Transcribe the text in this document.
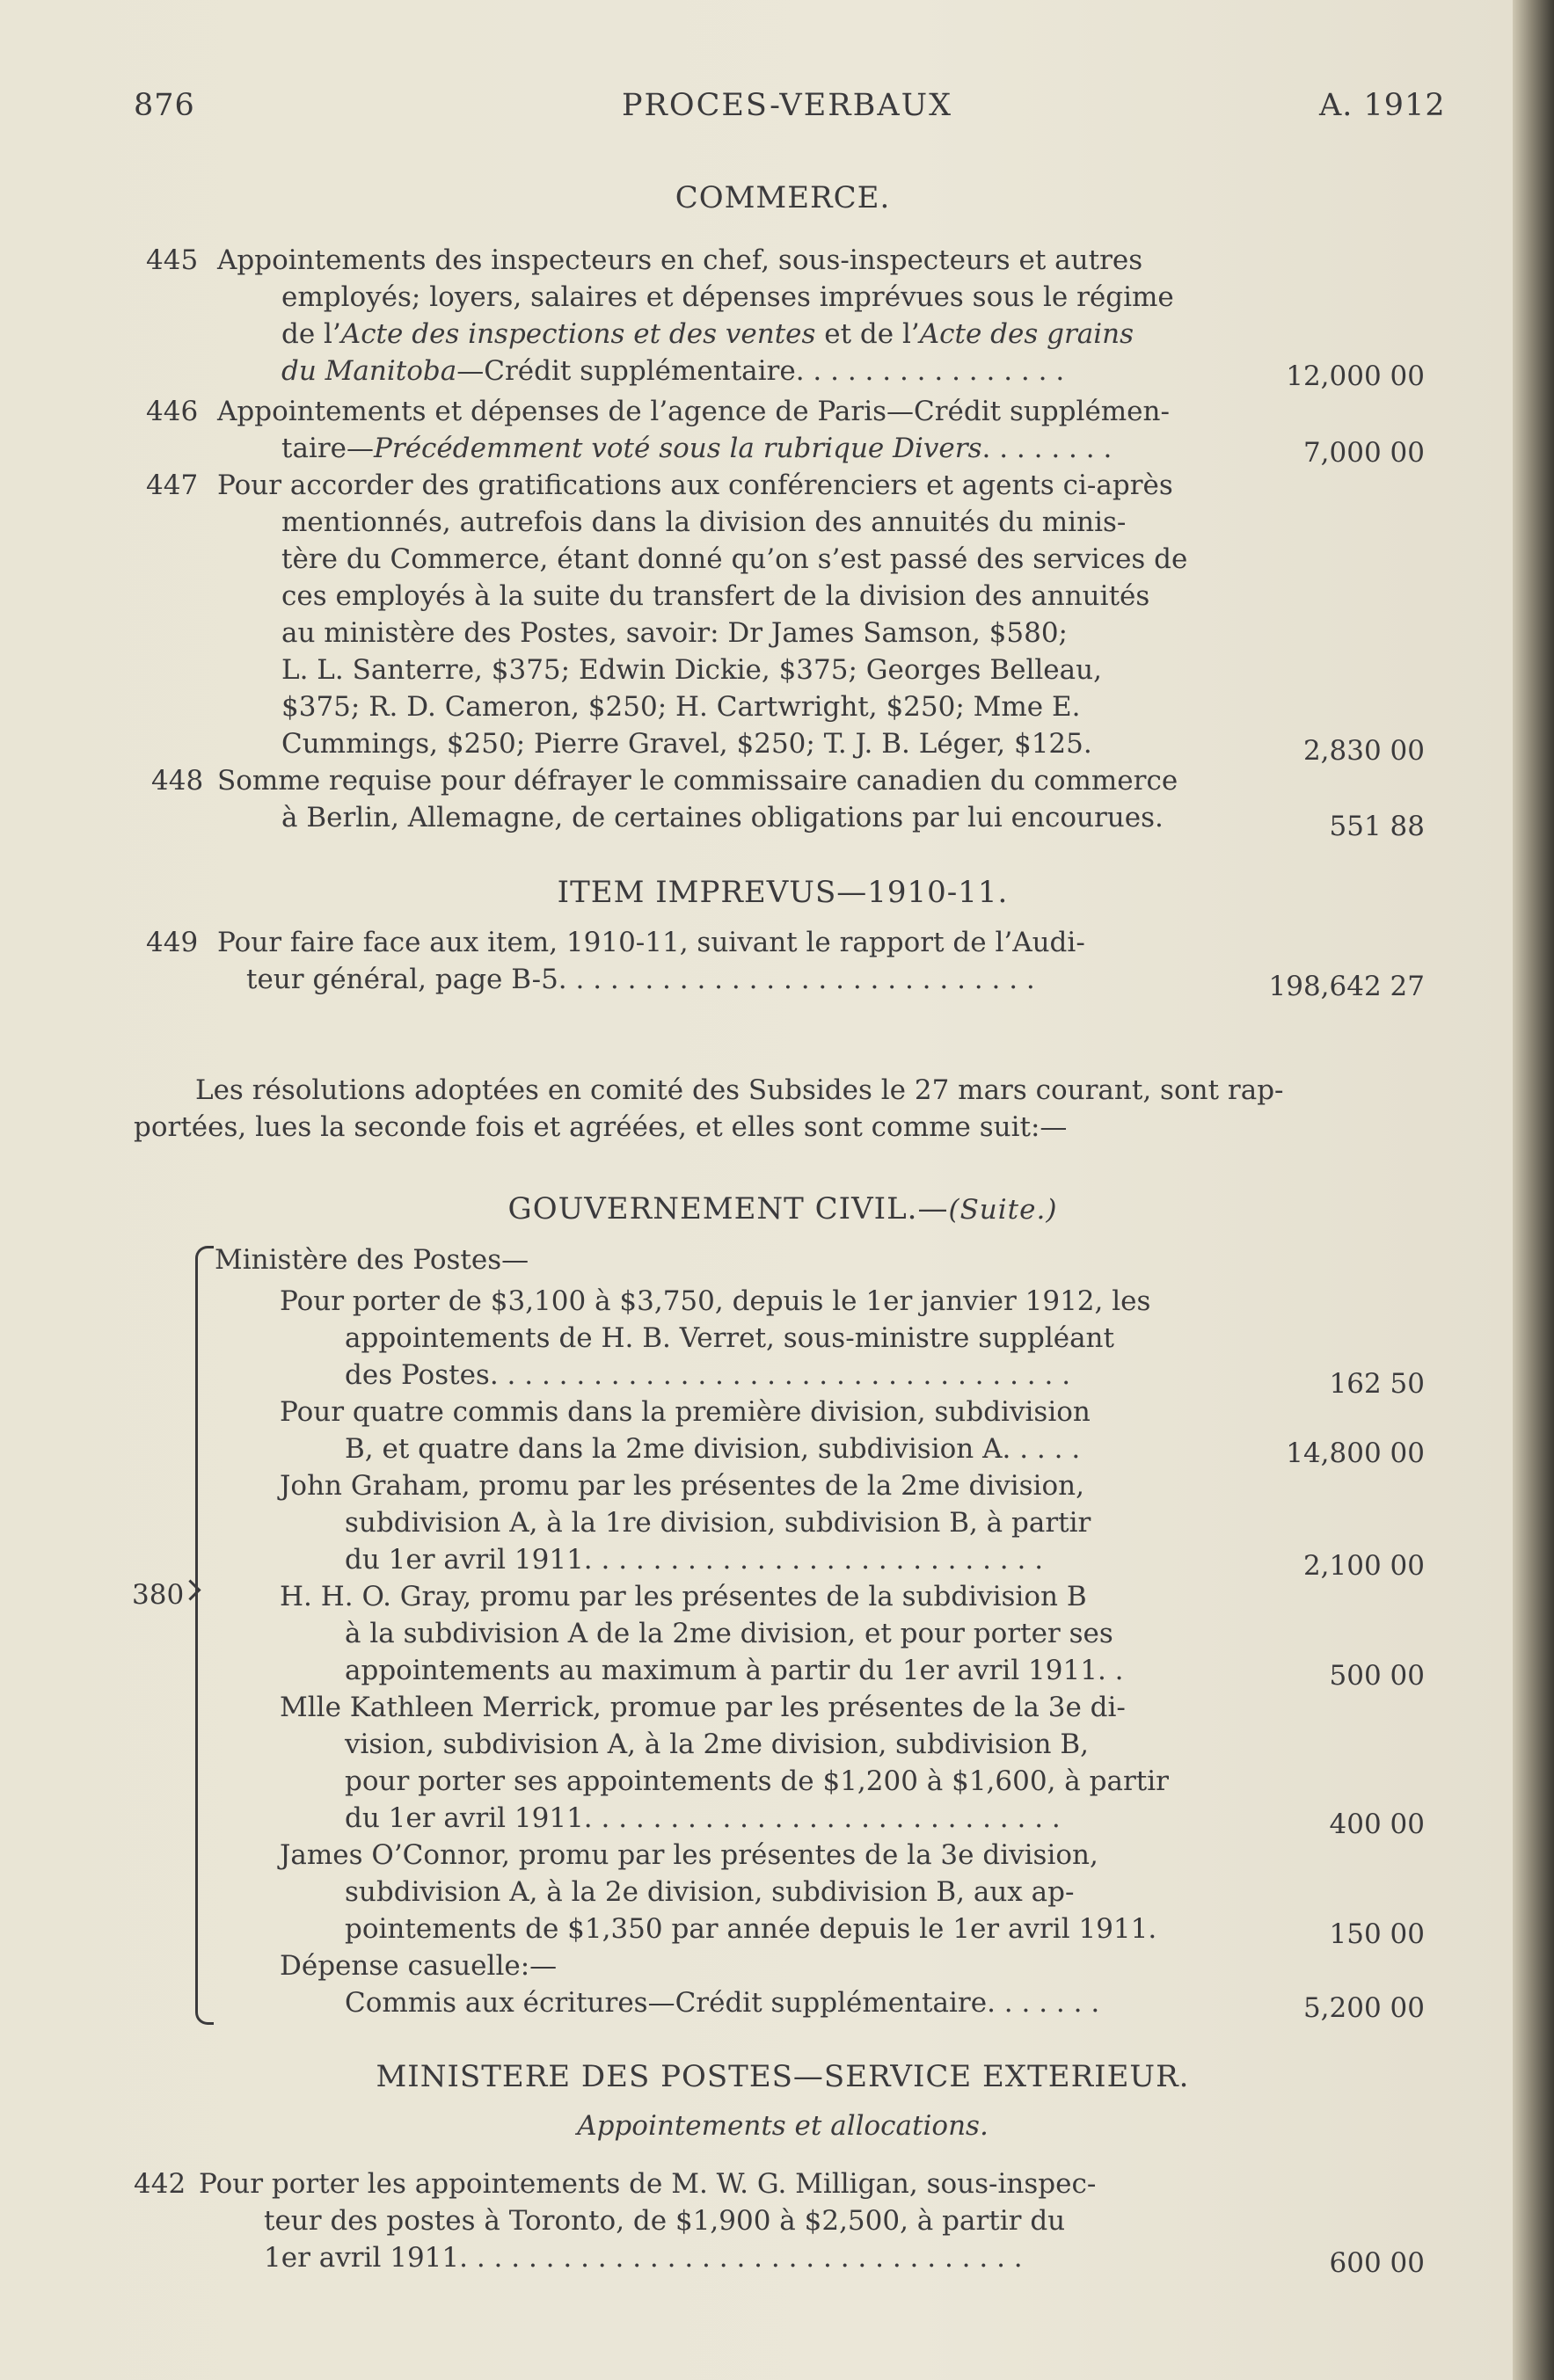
876	PROCES-VERBAUX	A. 1912
COMMERCE.
445 Appointements des inspecteurs en chef, sous-inspecteurs et autres
employés; loyers, salaires et dépenses imprévues sous le régime
de l’Acte des inspections et des ventes et de l’Acte des grains
du Manitoba—Crédit supplémentaire. . . . . . . . . . . . . . . .	12,000 00
446 Appointements et dépenses de l’agence de Paris—Crédit supplémen-
taire—Précédemment voté sous la rubrique Divers. . . . . . . .	7,000 00
447 Pour accorder des gratifications aux conférenciers et agents ci-après
mentionnés, autrefois dans la division des annuités du minis-
tère du Commerce, étant donné qu’on s’est passé des services de
ces employés à la suite du transfert de la division des annuités
au ministère des Postes, savoir: Dr James Samson, $580;
L. L. Santerre, $375; Edwin Dickie, $375; Georges Belleau,
$375; R. D. Cameron, $250; H. Cartwright, $250; Mme E.
Cummings, $250; Pierre Gravel, $250; T. J. B. Léger, $125.	2,830 00
448 Somme requise pour défrayer le commissaire canadien du commerce
à Berlin, Allemagne, de certaines obligations par lui encourues.	551 88
ITEM IMPREVUS—1910-11.
449 Pour faire face aux item, 1910-11, suivant le rapport de l’Audi-
teur général, page B-5. . . . . . . . . . . . . . . . . . . . . . . . . . . .	198,642 27
Les résolutions adoptées en comité des Subsides le 27 mars courant, sont rap-
portées, lues la seconde fois et agréées, et elles sont comme suit:—
GOUVERNEMENT CIVIL.—(Suite.)
380
Ministère des Postes—
Pour porter de $3,100 à $3,750, depuis le 1er janvier 1912, les
appointements de H. B. Verret, sous-ministre suppléant
des Postes. . . . . . . . . . . . . . . . . . . . . . . . . . . . . . . . . .	162 50
Pour quatre commis dans la première division, subdivision
B, et quatre dans la 2me division, subdivision A. . . . .	14,800 00
John Graham, promu par les présentes de la 2me division,
subdivision A, à la 1re division, subdivision B, à partir
du 1er avril 1911. . . . . . . . . . . . . . . . . . . . . . . . . . .	2,100 00
H. H. O. Gray, promu par les présentes de la subdivision B
à la subdivision A de la 2me division, et pour porter ses
appointements au maximum à partir du 1er avril 1911. .	500 00
Mlle Kathleen Merrick, promue par les présentes de la 3e di-
vision, subdivision A, à la 2me division, subdivision B,
pour porter ses appointements de $1,200 à $1,600, à partir
du 1er avril 1911. . . . . . . . . . . . . . . . . . . . . . . . . . . .	400 00
James O’Connor, promu par les présentes de la 3e division,
subdivision A, à la 2e division, subdivision B, aux ap-
pointements de $1,350 par année depuis le 1er avril 1911.	150 00
Dépense casuelle:—
Commis aux écritures—Crédit supplémentaire. . . . . . .	5,200 00
MINISTERE DES POSTES—SERVICE EXTERIEUR.
Appointements et allocations.
442 Pour porter les appointements de M. W. G. Milligan, sous-inspec-
teur des postes à Toronto, de $1,900 à $2,500, à partir du
1er avril 1911. . . . . . . . . . . . . . . . . . . . . . . . . . . . . . . . .	600 00
